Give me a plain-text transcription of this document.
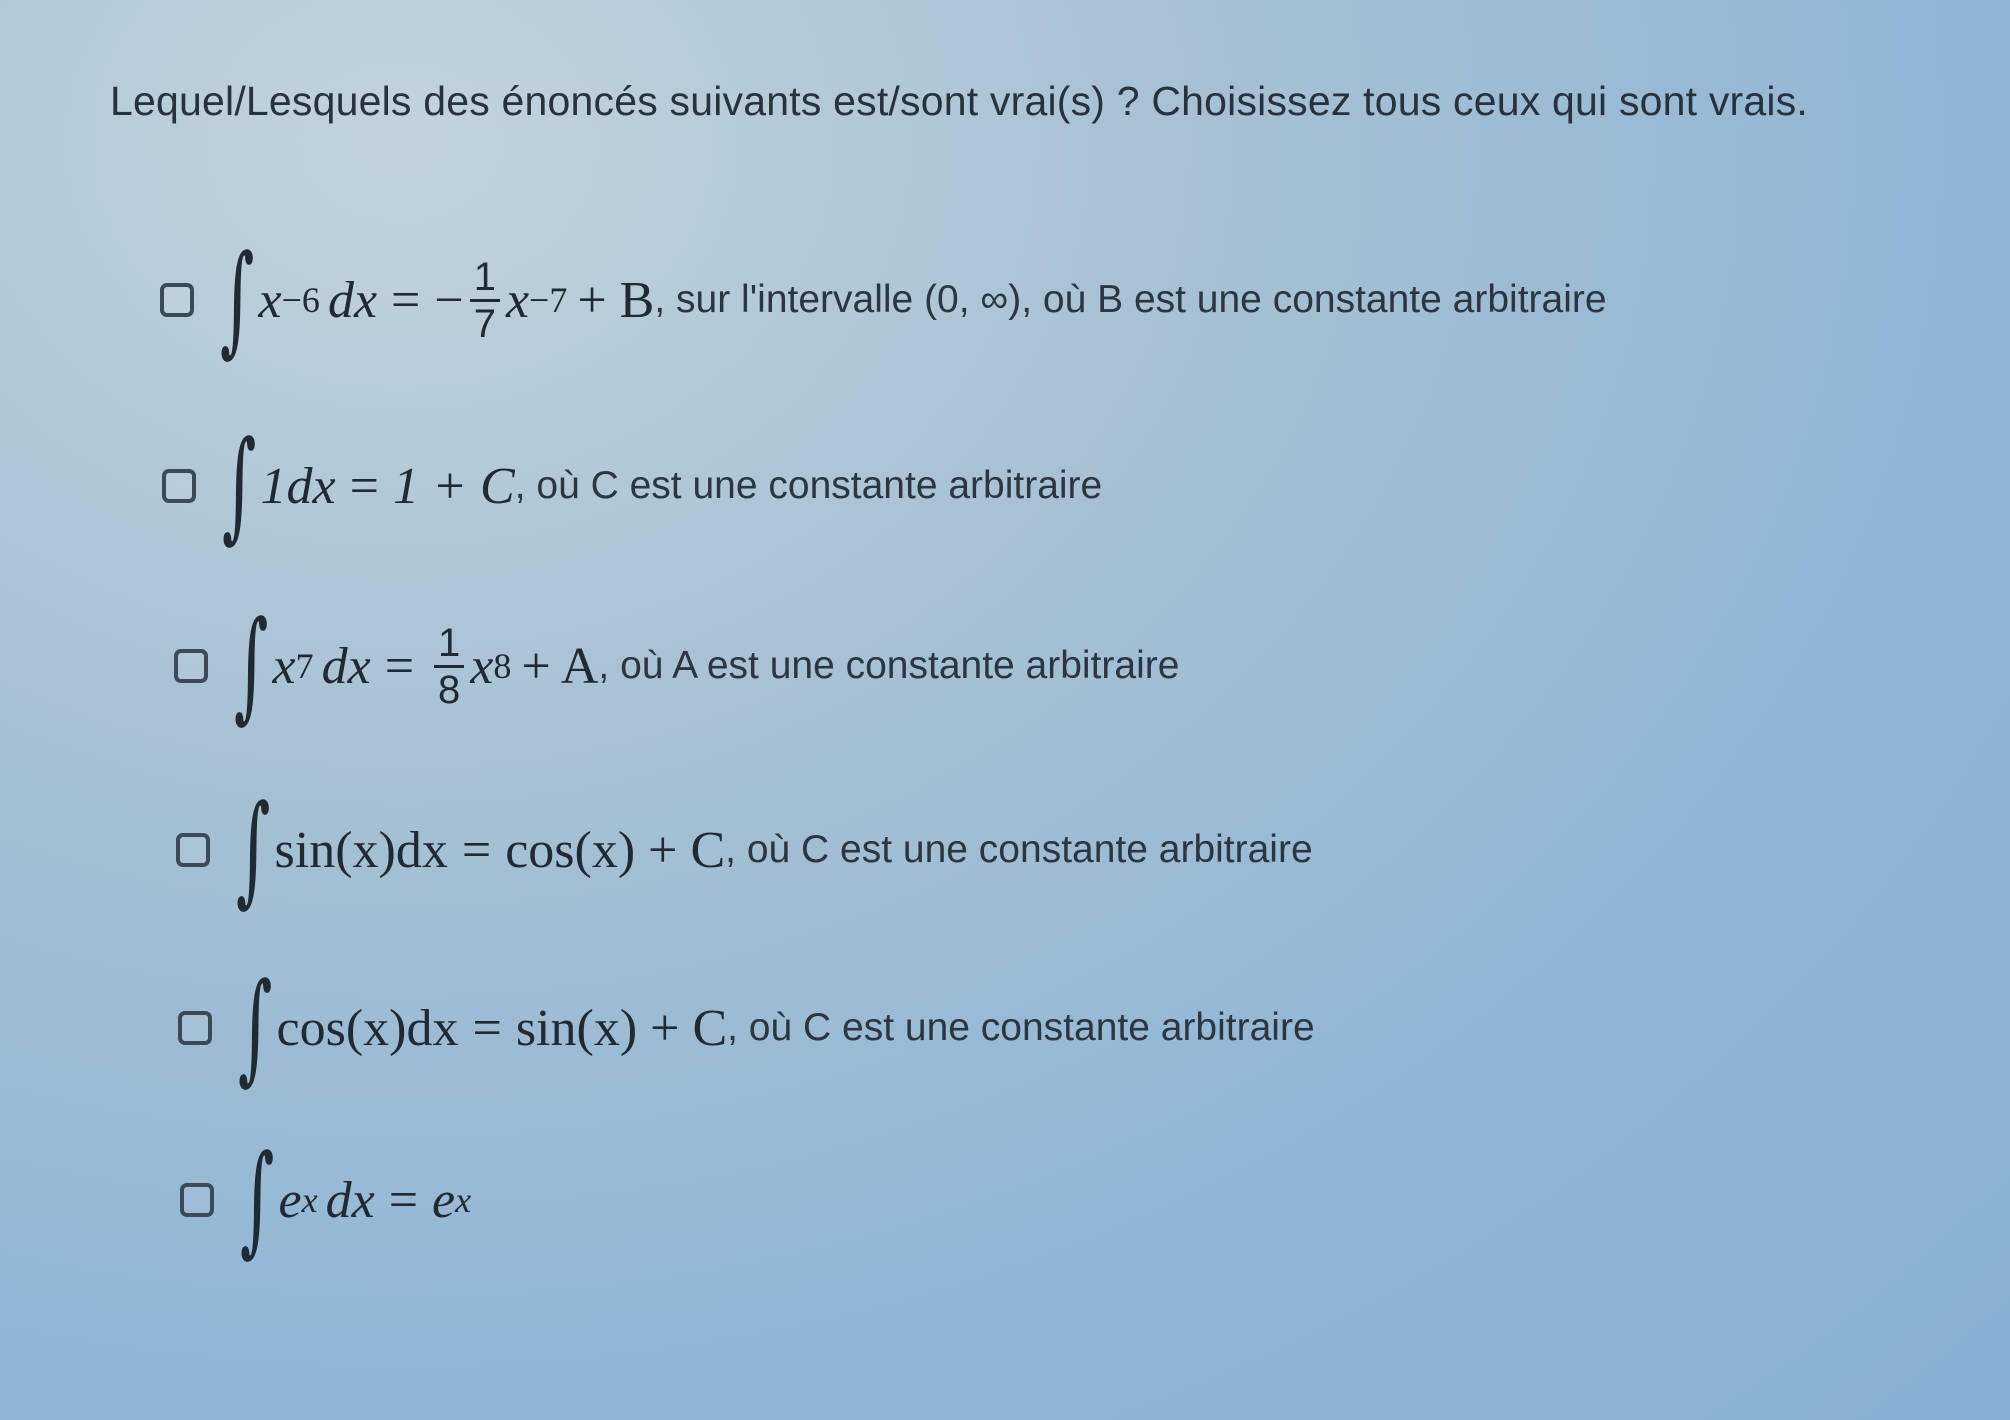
Lequel/Lesquels des énoncés suivants est/sont vrai(s) ? Choisissez tous ceux qui sont vrais.
∫ x −6 dx = − $\frac{1}{7}$ x −7 + B , sur l'intervalle (0, ∞), où B est une constante arbitraire
∫ 1dx = 1 + C , où C est une constante arbitraire
∫ x 7 dx = $\frac{1}{8}$ x 8 + A , où A est une constante arbitraire
∫ sin(x)dx = cos(x) + C , où C est une constante arbitraire
∫ cos(x)dx = sin(x) + C , où C est une constante arbitraire
∫ e x dx = e x
